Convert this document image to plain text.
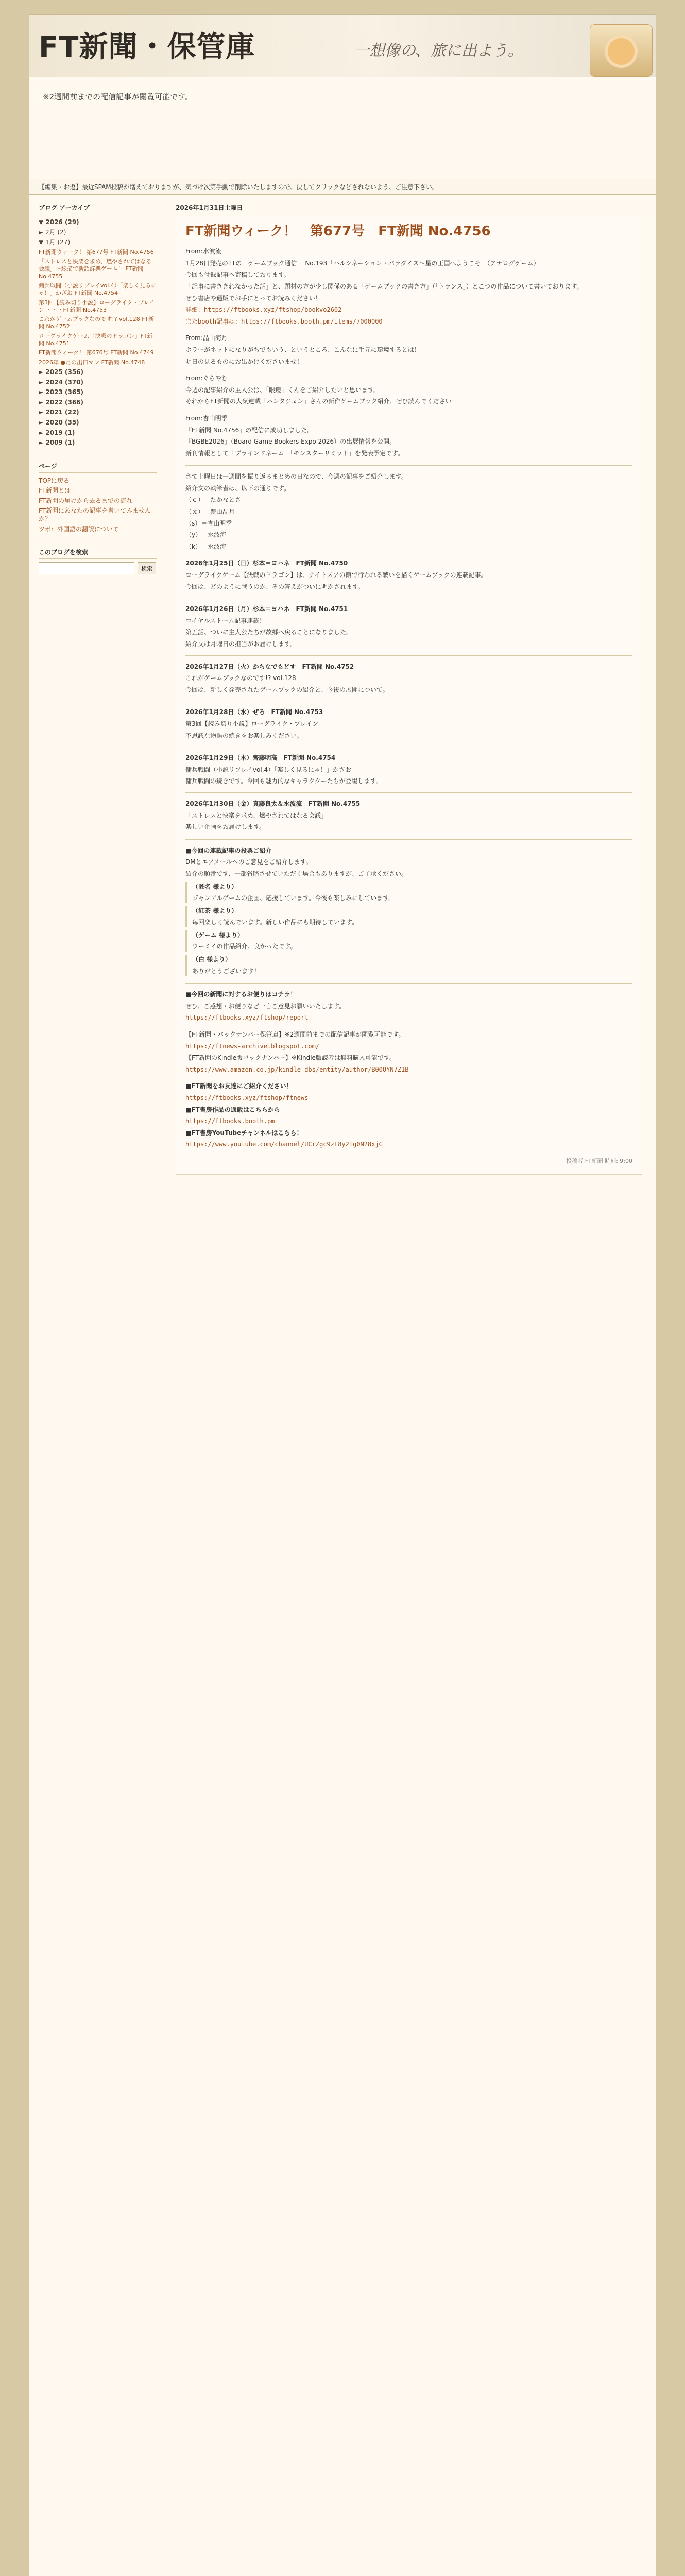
FT新聞・保管庫	一想像の、旅に出よう。
※2週間前までの配信記事が閲覧可能です。
【編集・お返】最近SPAM投稿が増えておりますが、気づけ次第手動で削除いたしますので、決してクリックなどされないよう、ご注意下さい。
ブログ アーカイブ
▼ 2026 (29)
► 2月 (2)
▼ 1月 (27)
FT新聞ウィーク！ 第677号 FT新聞 No.4756
「ストレスと快楽を求め、燃やされてはなる会議」〜線描で新語辞典ゲーム！ FT新聞 No.4755
傭兵戦闘（小説リプレイvol.4）「楽しく見るにゃ！」かざお FT新聞 No.4754
第3回【読み切り小説】ローグライク・ブレイン ・・・FT新聞 No.4753
これがゲームブックなのです!? vol.128 FT新聞 No.4752
ローグライクゲーム「決戦のドラゴン」FT新聞 No.4751
FT新聞ウィーク！ 第676号 FT新聞 No.4749
2026年 ●月の出口マン FT新聞 No.4748
► 2025 (356)
► 2024 (370)
► 2023 (365)
► 2022 (366)
► 2021 (22)
► 2020 (35)
► 2019 (1)
► 2009 (1)
ページ
TOPに戻る
FT新聞とは
FT新聞の届けから去るまでの流れ
FT新聞にあなたの記事を書いてみませんか？
ツボ：外国語の翻訳について
このブログを検索
検索
2026年1月31日土曜日
FT新聞ウィーク！　第677号　FT新聞 No.4756

From:水波流

1月28日発売のTTの「ゲームブック通信」 No.193「ハルシネーション・パラダイス～星の王国へようこそ」（アナログゲーム）

今回も付録記事へ寄稿しております。

「記事に書ききれなかった話」と、題材の方が少し関係のある「ゲームブックの書き方」（「トランス」）とこつの作品について書いております。

ぜひ書店や通販でお手にとってお読みください！

詳細：https://ftbooks.xyz/ftshop/bookvo2602

またbooth記事は：https://ftbooks.booth.pm/items/7000000

From:晶山海月

ホラーがネットになりがちでもいう、というところ、こんなに手元に環境するとは！

明日の見るものにお出かけくださいませ！

From:ぐらやむ

今週の記事紹介の主人公は、「眼鏡」くんをご紹介したいと思います。

それからFT新聞の人気連載「パンタジェン」さんの新作ゲームブック紹介、ぜひ読んでください！

From:杏山明季

『FT新聞 No.4756』の配信に成功しました。

『BGBE2026」（Board Game Bookers Expo 2026）の出展情報を公開。

新刊情報として「ブラインドネーム」「モンスターリミット」を発表予定です。

さて土曜日は一週間を振り返るまとめの日なので、今週の記事をご紹介します。

紹介文の執筆者は、以下の通りです。

（ｃ）＝たかなとさ

（ｘ）＝慶山晶月

（s）＝杏山明季

（y）＝水波流

（k）＝水波流

2026年1月25日（日）杉本＝ヨハネ　FT新聞 No.4750

ローグライクゲーム【決戦のドラゴン】は、ナイトメアの館で行われる戦いを描くゲームブックの連載記事。

今回は、どのように戦うのか、その答えがついに明かされます。

2026年1月26日（月）杉本＝ヨハネ　FT新聞 No.4751

ロイヤルストーム記事連載！

第五話、ついに主人公たちが故郷へ戻ることになりました。

紹介文は月曜日の担当がお届けします。

2026年1月27日（火）かちなでもどす　FT新聞 No.4752

これがゲームブックなのです!? vol.128

今回は、新しく発売されたゲームブックの紹介と、今後の展開について。

2026年1月28日（水）ぜろ　FT新聞 No.4753

第3回【読み切り小説】ローグライク・ブレイン

不思議な物語の続きをお楽しみください。

2026年1月29日（木）齊藤明高　FT新聞 No.4754

傭兵戦闘（小説リプレイvol.4）「楽しく見るにゃ！」かざお

傭兵戦闘の続きです。今回も魅力的なキャラクターたちが登場します。

2026年1月30日（金）真藤良太＆水波流　FT新聞 No.4755

「ストレスと快楽を求め、燃やされてはなる会議」

楽しい企画をお届けします。

■今回の連載記事の投票ご紹介

DMとエアメールへのご意見をご紹介します。

紹介の順番です、一部省略させていただく場合もありますが、ご了承ください。

（匿名 様より）

ジャンアルゲームの企画、応援しています。今後も楽しみにしています。

（紅茶 様より）

毎回楽しく読んでいます。新しい作品にも期待しています。

（ゲーム 様より）

ウーミイの作品紹介、良かったです。

（白 様より）

ありがとうございます！

■今回の新聞に対するお便りはコチラ！

ぜひ、ご感想・お便りなど一言ご意見お願いいたします。

https://ftbooks.xyz/ftshop/report

【FT新聞・バックナンバー保管庫】※2週間前までの配信記事が閲覧可能です。

https://ftnews-archive.blogspot.com/

【FT新聞のKindle版バックナンバー】※Kindle版読者は無料購入可能です。

https://www.amazon.co.jp/kindle-dbs/entity/author/B00OYN7Z1B

■FT新聞をお友達にご紹介ください！

https://ftbooks.xyz/ftshop/ftnews

■FT書房作品の通販はこちらから

https://ftbooks.booth.pm

■FT書房YouTubeチャンネルはこちら！

https://www.youtube.com/channel/UCrZgc9zt8y2Tg0N28xjG

投稿者 FT新聞 時刻: 9:00
